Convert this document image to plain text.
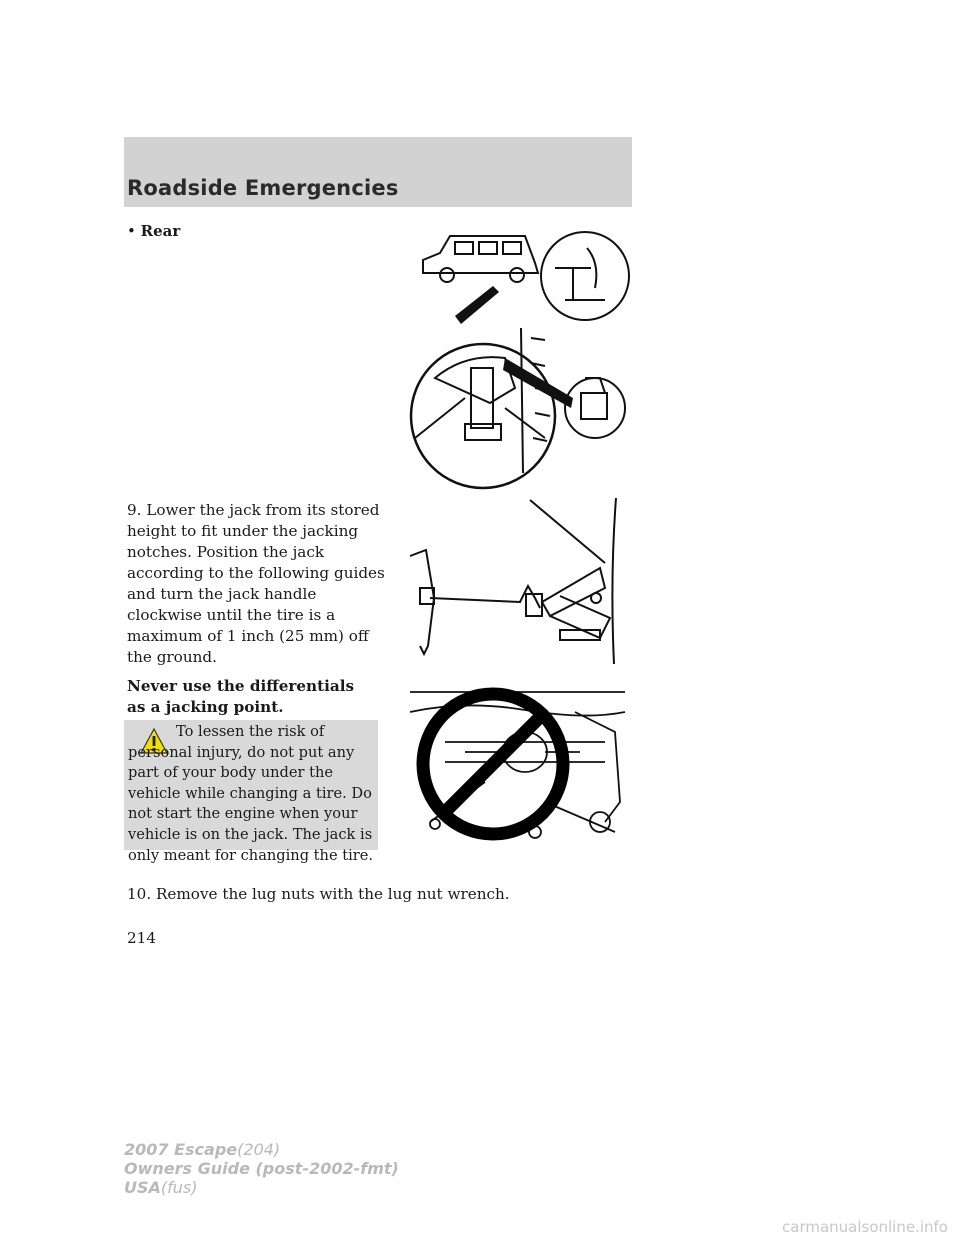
Roadside Emergencies
• Rear
9. Lower the jack from its stored height to fit under the jacking notches. Position the jack according to the following guides and turn the jack handle clockwise until the tire is a maximum of 1 inch (25 mm) off the ground.
Never use the differentials as a jacking point.
To lessen the risk of personal injury, do not put any part of your body under the vehicle while changing a tire. Do not start the engine when your vehicle is on the jack. The jack is only meant for changing the tire.
10. Remove the lug nuts with the lug nut wrench.
214
2007 Escape(204)
Owners Guide (post-2002-fmt)
USA(fus)
carmanualsonline.info
